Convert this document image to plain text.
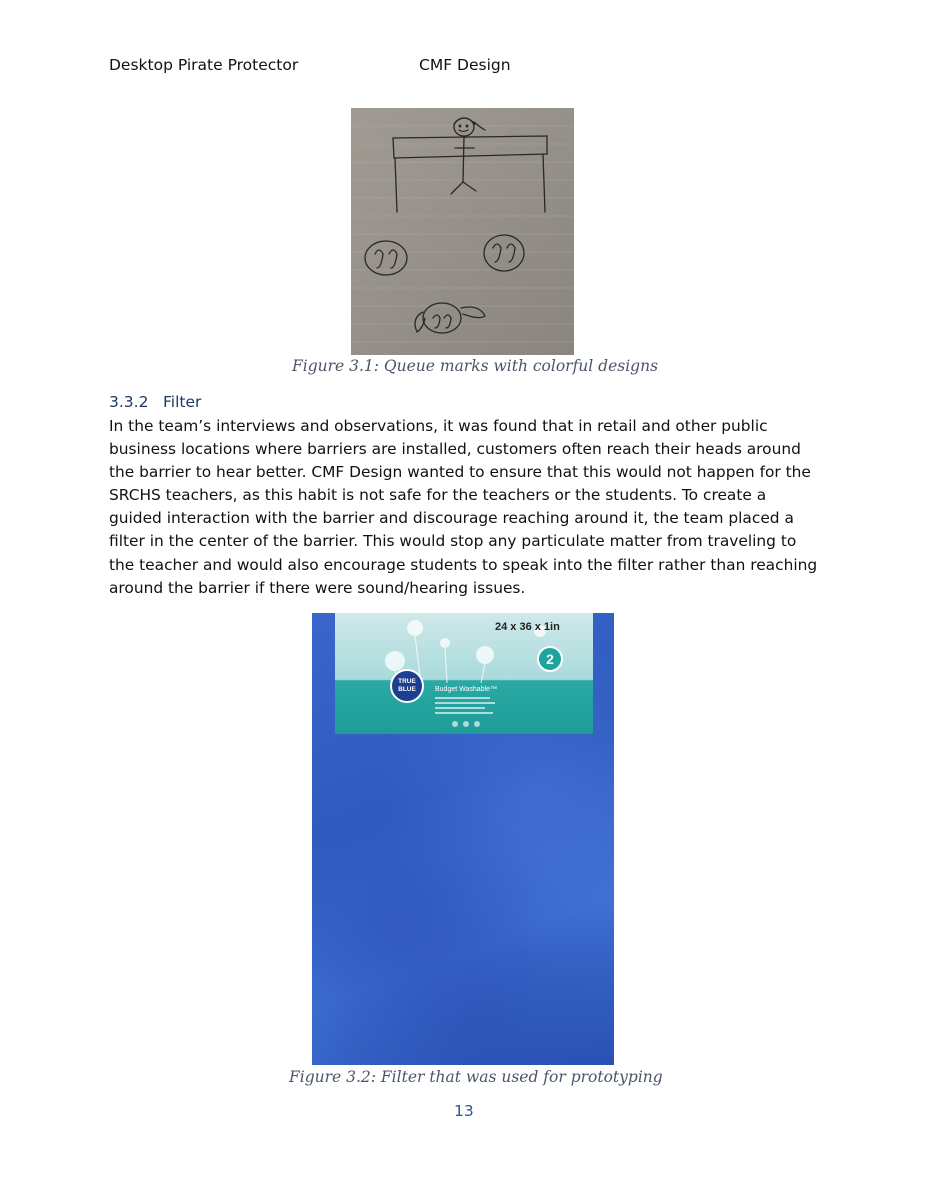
Desktop Pirate Protector	CMF Design
Figure 3.1: Queue marks with colorful designs
3.3.2 Filter

In the team’s interviews and observations, it was found that in retail and other public business locations where barriers are installed, customers often reach their heads around the barrier to hear better. CMF Design wanted to ensure that this would not happen for the SRCHS teachers, as this habit is not safe for the teachers or the students. To create a guided interaction with the barrier and discourage reaching around it, the team placed a filter in the center of the barrier. This would stop any particulate matter from traveling to the teacher and would also encourage students to speak into the filter rather than reaching around the barrier if there were sound/hearing issues.

24 x 36 x 1in
2
TRUE BLUE	Budget Washable™
Figure 3.2: Filter that was used for prototyping
13
